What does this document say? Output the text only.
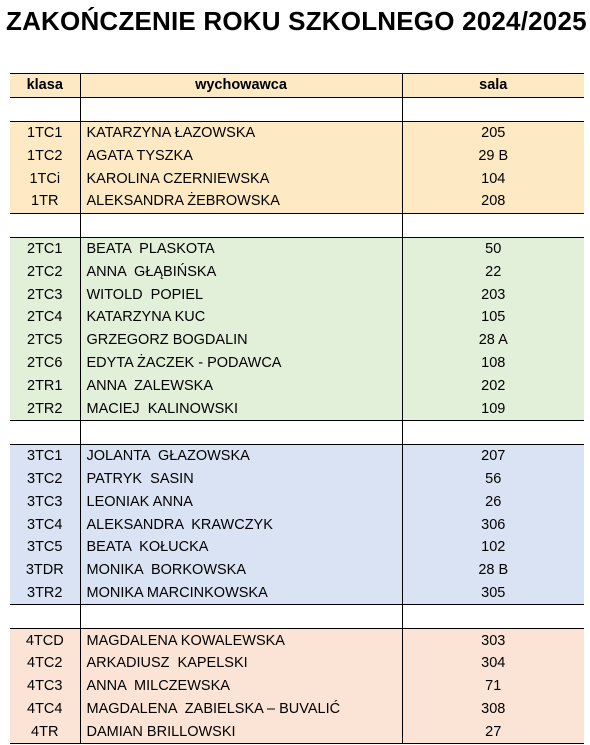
ZAKOŃCZENIE ROKU SZKOLNEGO 2024/2025
klasa	wychowawca	sala

1TC1	KATARZYNA ŁAZOWSKA	205
1TC2	AGATA TYSZKA	29 B
1TCi	KAROLINA CZERNIEWSKA	104
1TR	ALEKSANDRA ŻEBROWSKA	208

2TC1	BEATA  PLASKOTA	50
2TC2	ANNA  GŁĄBIŃSKA	22
2TC3	WITOLD  POPIEL	203
2TC4	KATARZYNA KUC	105
2TC5	GRZEGORZ BOGDALIN	28 A
2TC6	EDYTA ŻACZEK - PODAWCA	108
2TR1	ANNA  ZALEWSKA	202
2TR2	MACIEJ  KALINOWSKI	109

3TC1	JOLANTA  GŁAZOWSKA	207
3TC2	PATRYK  SASIN	56
3TC3	LEONIAK ANNA	26
3TC4	ALEKSANDRA  KRAWCZYK	306
3TC5	BEATA  KOŁUCKA	102
3TDR	MONIKA  BORKOWSKA	28 B
3TR2	MONIKA MARCINKOWSKA	305

4TCD	MAGDALENA KOWALEWSKA	303
4TC2	ARKADIUSZ  KAPELSKI	304
4TC3	ANNA  MILCZEWSKA	71
4TC4	MAGDALENA  ZABIELSKA – BUVALIĆ	308
4TR	DAMIAN BRILLOWSKI	27
